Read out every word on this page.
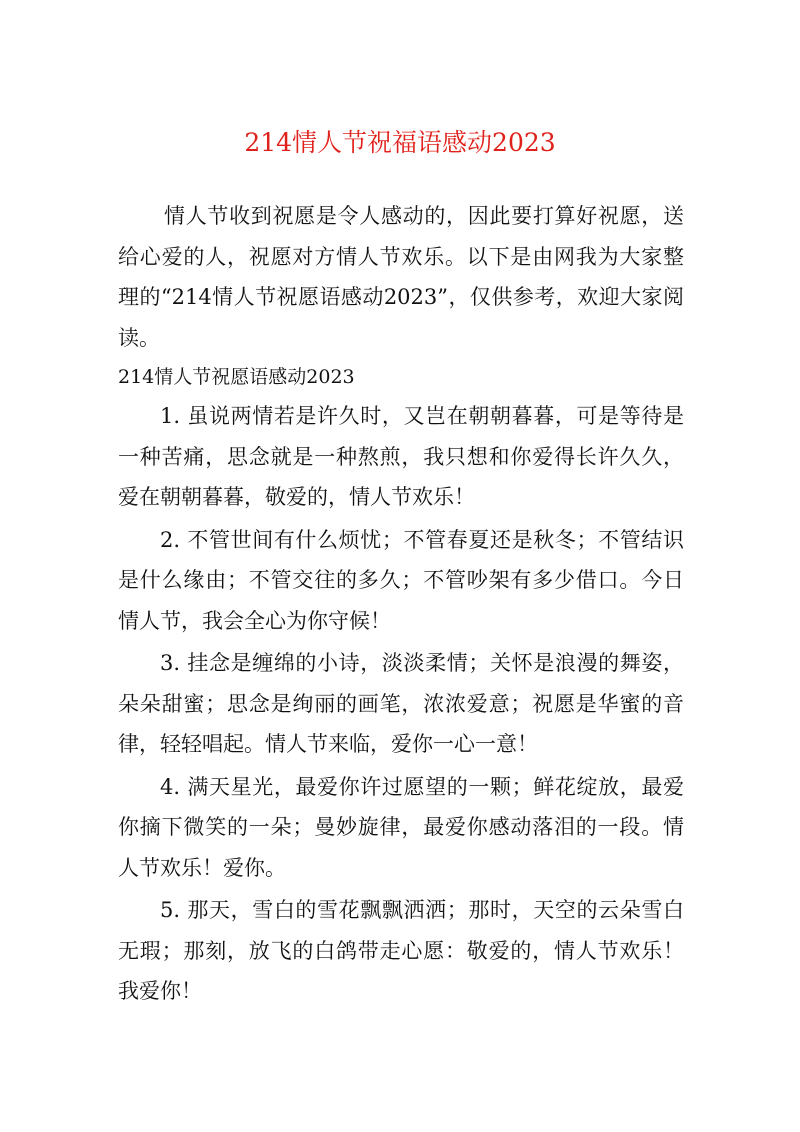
214情人节祝福语感动2023

情人节收到祝愿是令人感动的，因此要打算好祝愿，送给心爱的人，祝愿对方情人节欢乐。以下是由网我为大家整理的“214情人节祝愿语感动2023”，仅供参考，欢迎大家阅读。

214情人节祝愿语感动2023

1. 虽说两情若是许久时，又岂在朝朝暮暮，可是等待是一种苦痛，思念就是一种熬煎，我只想和你爱得长许久久，爱在朝朝暮暮，敬爱的，情人节欢乐！

2. 不管世间有什么烦忧；不管春夏还是秋冬；不管结识是什么缘由；不管交往的多久；不管吵架有多少借口。今日情人节，我会全心为你守候！

3. 挂念是缠绵的小诗，淡淡柔情；关怀是浪漫的舞姿，朵朵甜蜜；思念是绚丽的画笔，浓浓爱意；祝愿是华蜜的音律，轻轻唱起。情人节来临，爱你一心一意！

4. 满天星光，最爱你许过愿望的一颗；鲜花绽放，最爱你摘下微笑的一朵；曼妙旋律，最爱你感动落泪的一段。情人节欢乐！爱你。

5. 那天，雪白的雪花飘飘洒洒；那时，天空的云朵雪白无瑕；那刻，放飞的白鸽带走心愿：敬爱的，情人节欢乐！我爱你！
